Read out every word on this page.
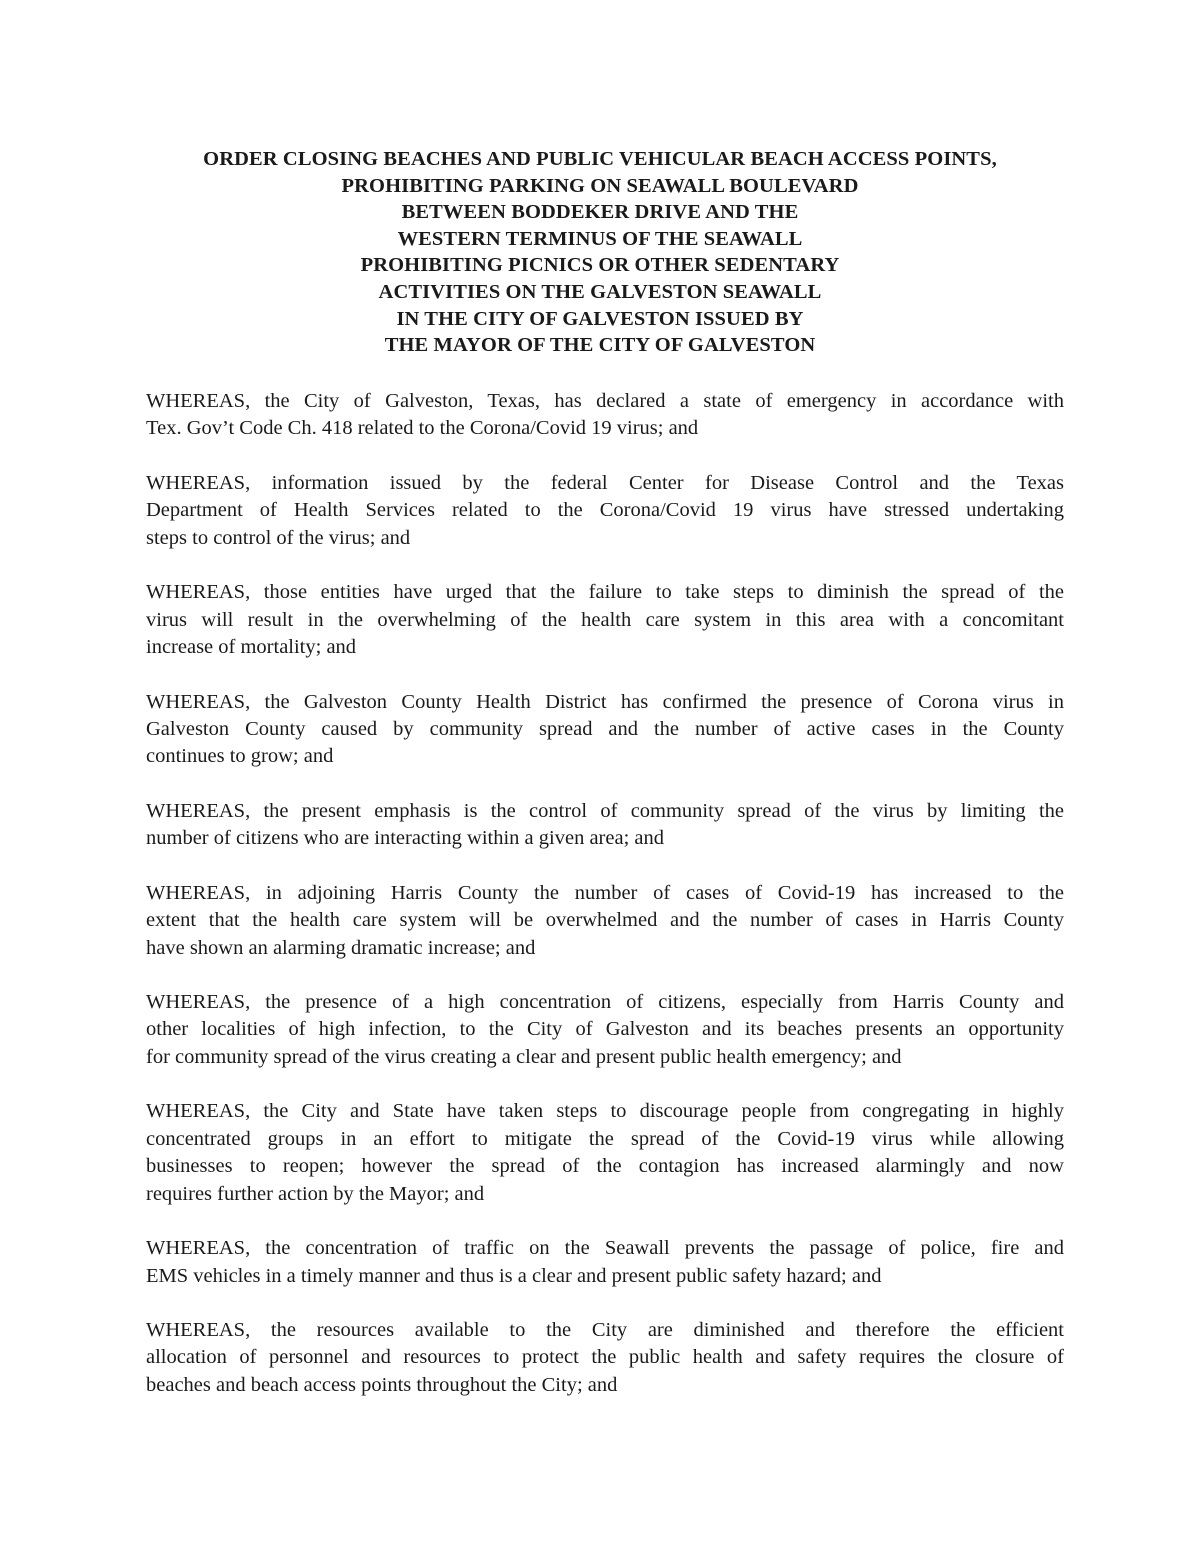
ORDER CLOSING BEACHES AND PUBLIC VEHICULAR BEACH ACCESS POINTS,
PROHIBITING PARKING ON SEAWALL BOULEVARD
BETWEEN BODDEKER DRIVE AND THE
WESTERN TERMINUS OF THE SEAWALL
PROHIBITING PICNICS OR OTHER SEDENTARY
ACTIVITIES ON THE GALVESTON SEAWALL
IN THE CITY OF GALVESTON ISSUED BY
THE MAYOR OF THE CITY OF GALVESTON

WHEREAS, the City of Galveston, Texas, has declared a state of emergency in accordance with
Tex. Gov’t Code Ch. 418 related to the Corona/Covid 19 virus; and

WHEREAS, information issued by the federal Center for Disease Control and the Texas
Department of Health Services related to the Corona/Covid 19 virus have stressed undertaking
steps to control of the virus; and

WHEREAS, those entities have urged that the failure to take steps to diminish the spread of the
virus will result in the overwhelming of the health care system in this area with a concomitant
increase of mortality; and

WHEREAS, the Galveston County Health District has confirmed the presence of Corona virus in
Galveston County caused by community spread and the number of active cases in the County
continues to grow; and

WHEREAS, the present emphasis is the control of community spread of the virus by limiting the
number of citizens who are interacting within a given area; and

WHEREAS, in adjoining Harris County the number of cases of Covid-19 has increased to the
extent that the health care system will be overwhelmed and the number of cases in Harris County
have shown an alarming dramatic increase; and

WHEREAS, the presence of a high concentration of citizens, especially from Harris County and
other localities of high infection, to the City of Galveston and its beaches presents an opportunity
for community spread of the virus creating a clear and present public health emergency; and

WHEREAS, the City and State have taken steps to discourage people from congregating in highly
concentrated groups in an effort to mitigate the spread of the Covid-19 virus while allowing
businesses to reopen; however the spread of the contagion has increased alarmingly and now
requires further action by the Mayor; and

WHEREAS, the concentration of traffic on the Seawall prevents the passage of police, fire and
EMS vehicles in a timely manner and thus is a clear and present public safety hazard; and

WHEREAS, the resources available to the City are diminished and therefore the efficient
allocation of personnel and resources to protect the public health and safety requires the closure of
beaches and beach access points throughout the City; and
